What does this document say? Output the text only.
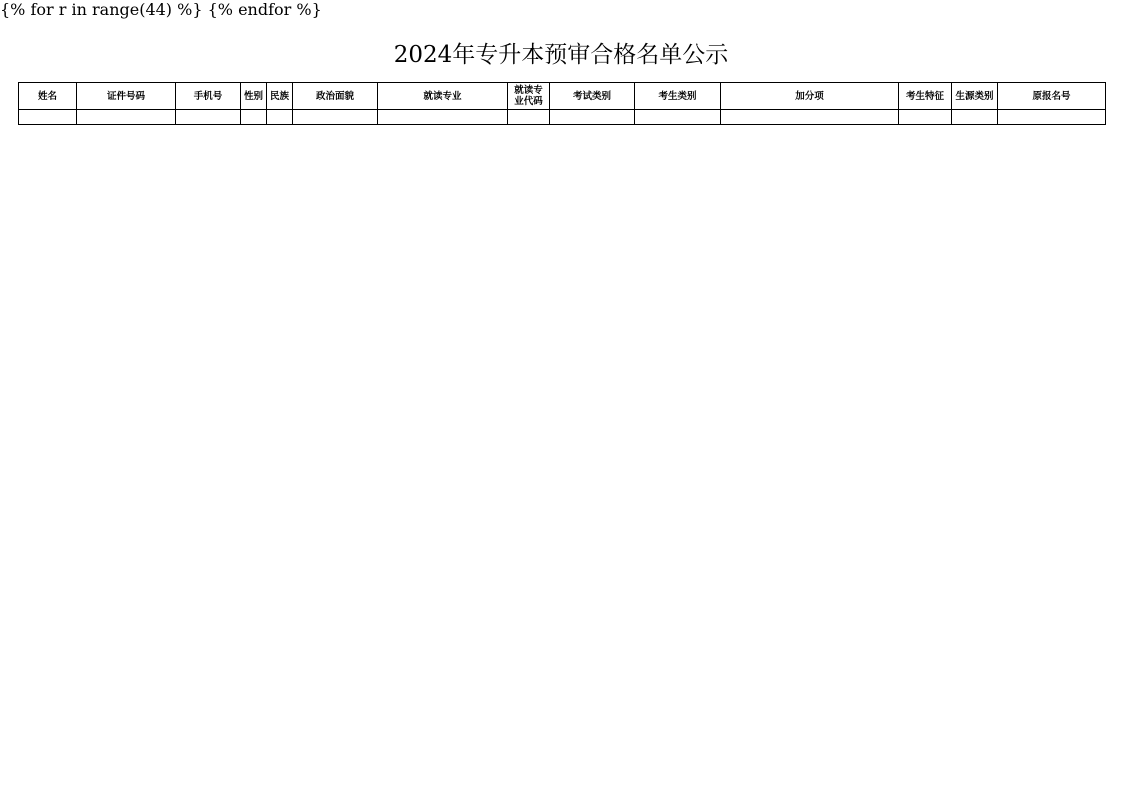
2024年专升本预审合格名单公示
{% for r in range(44) %} {% endfor %}
姓名	证件号码	手机号	性别	民族	政治面貌	就读专业	就读专业代码	考试类别	考生类别	加分项	考生特征	生源类别	原报名号
